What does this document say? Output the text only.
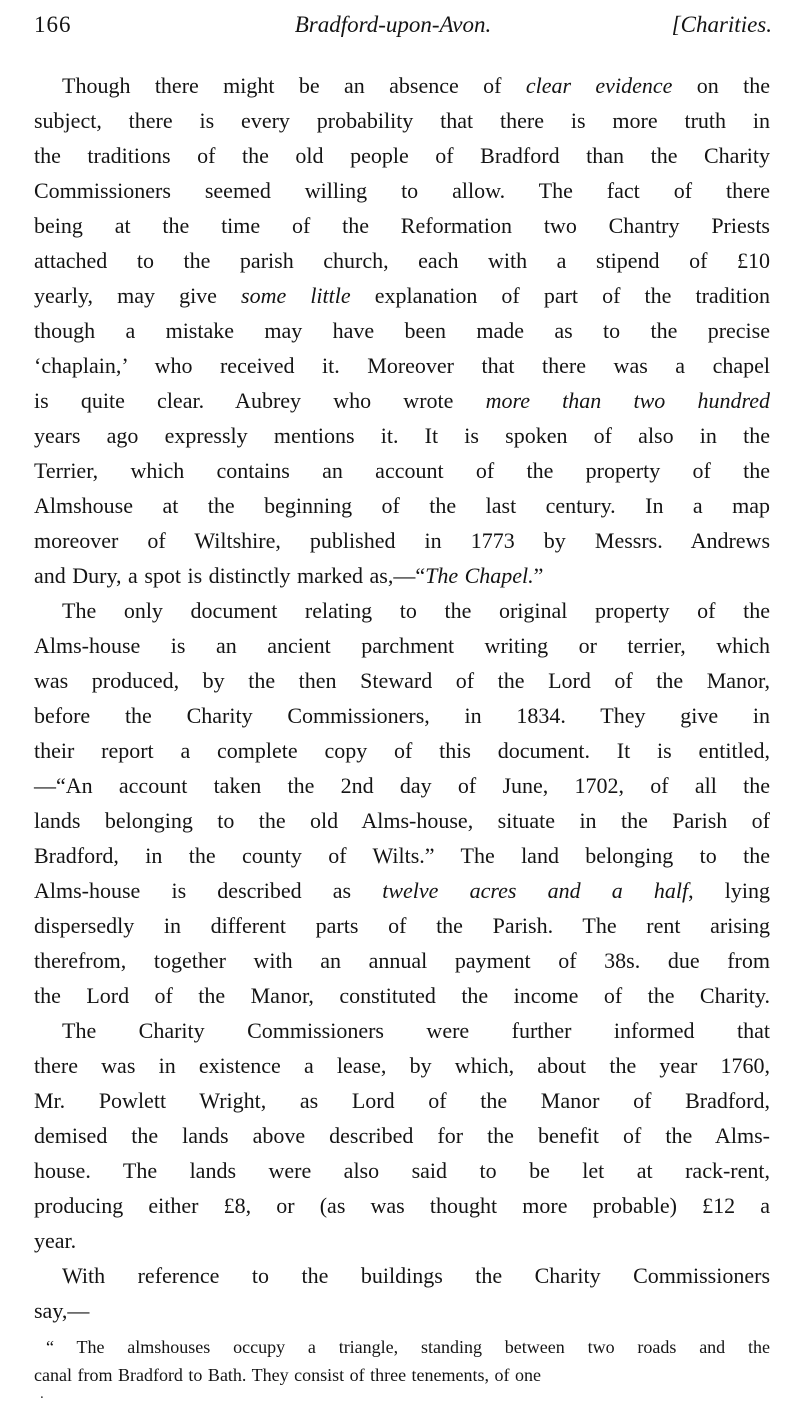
166	Bradford-upon-Avon.	[Charities.
Though there might be an absence of clear evidence on the
subject, there is every probability that there is more truth in
the traditions of the old people of Bradford than the Charity
Commissioners seemed willing to allow. The fact of there
being at the time of the Reformation two Chantry Priests
attached to the parish church, each with a stipend of £10
yearly, may give some little explanation of part of the tradition
though a mistake may have been made as to the precise
‘chaplain,’ who received it. Moreover that there was a chapel
is quite clear. Aubrey who wrote more than two hundred
years ago expressly mentions it. It is spoken of also in the
Terrier, which contains an account of the property of the
Almshouse at the beginning of the last century. In a map
moreover of Wiltshire, published in 1773 by Messrs. Andrews
and Dury, a spot is distinctly marked as,—“The Chapel.”
The only document relating to the original property of the
Alms-house is an ancient parchment writing or terrier, which
was produced, by the then Steward of the Lord of the Manor,
before the Charity Commissioners, in 1834. They give in
their report a complete copy of this document. It is entitled,
—“An account taken the 2nd day of June, 1702, of all the
lands belonging to the old Alms-house, situate in the Parish of
Bradford, in the county of Wilts.” The land belonging to the
Alms-house is described as twelve acres and a half, lying
dispersedly in different parts of the Parish. The rent arising
therefrom, together with an annual payment of 38s. due from
the Lord of the Manor, constituted the income of the Charity.
The Charity Commissioners were further informed that
there was in existence a lease, by which, about the year 1760,
Mr. Powlett Wright, as Lord of the Manor of Bradford,
demised the lands above described for the benefit of the Alms-
house. The lands were also said to be let at rack-rent,
producing either £8, or (as was thought more probable) £12 a
year.
With reference to the buildings the Charity Commissioners
say,—
“ The almshouses occupy a triangle, standing between two roads and the
canal from Bradford to Bath. They consist of three tenements, of one
.
